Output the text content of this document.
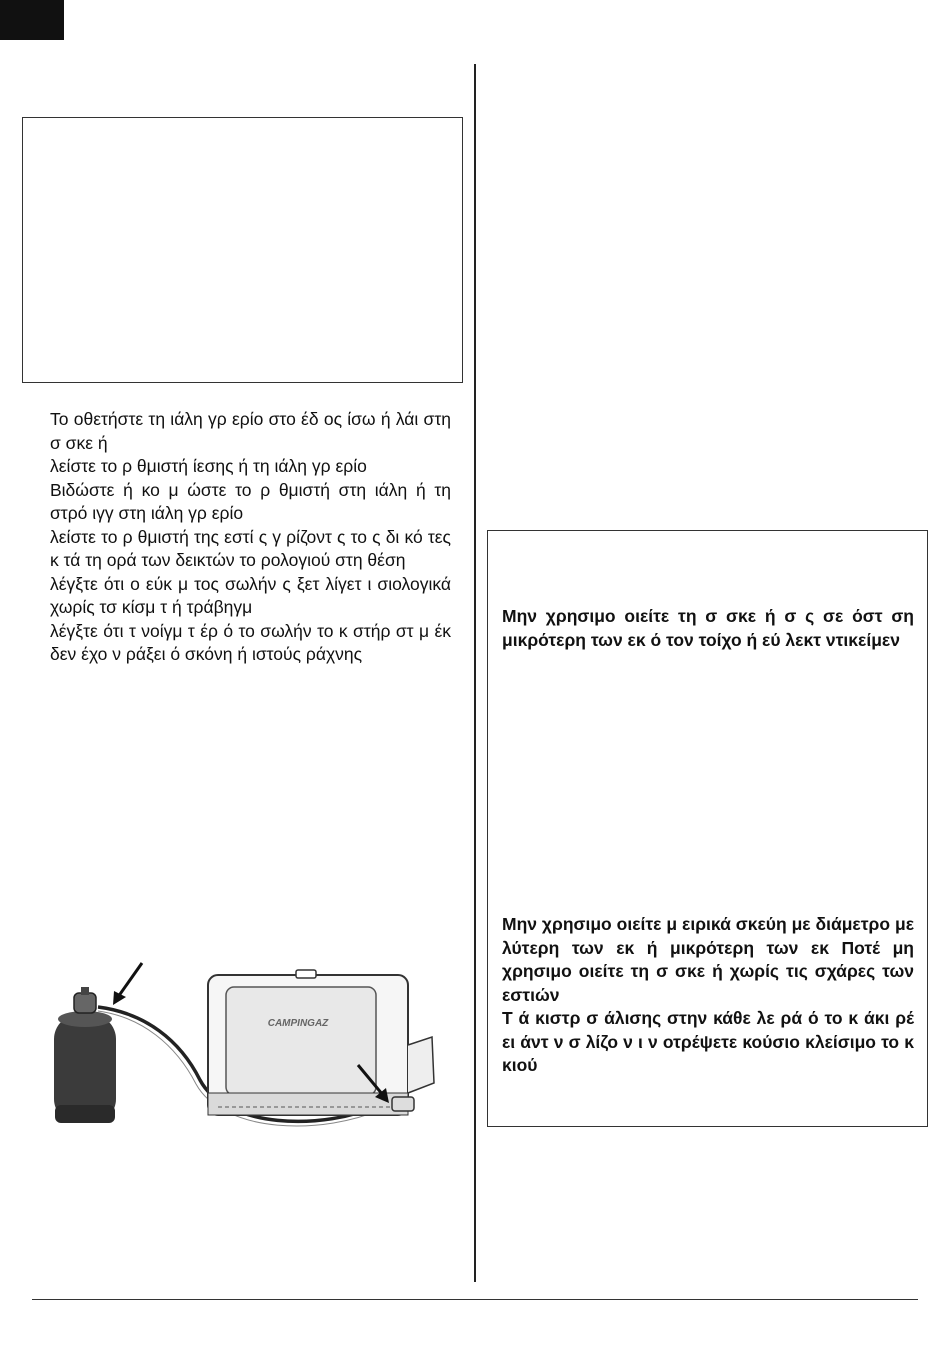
Το οθετήστε τη ιάλη γρ ερίο στο έδ ος ίσω ή λάι στη σ σκε ή

λείστε το ρ θμιστή ίεσης ή τη ιάλη γρ ερίο

Βιδώστε ή κο μ ώστε το ρ θμιστή στη ιάλη ή τη στρό ιγγ στη ιάλη γρ ερίο

λείστε το ρ θμιστή της εστί ς γ ρίζοντ ς το ς δι κό τες κ τά τη ορά των δεικτών το ρολογιού στη θέση

λέγξτε ότι ο εύκ μ τος σωλήν ς ξετ λίγετ ι σιολογικά χωρίς τσ κίσμ τ ή τράβηγμ

λέγξτε ότι τ νοίγμ τ έρ ό το σωλήν το κ στήρ στ μ έκ δεν έχο ν ράξει ό σκόνη ή ιστούς ράχνης

Μην χρησιμο οιείτε τη σ σκε ή σ ς σε όστ ση μικρότερη των εκ ό τον τοίχο ή εύ λεκτ ντικείμεν

Μην χρησιμο οιείτε μ ειρικά σκεύη με διάμετρο με λύτερη των εκ ή μικρότερη των εκ Ποτέ μη χρησιμο οιείτε τη σ σκε ή χωρίς τις σχάρες των εστιών

Τ ά κιστρ σ άλισης στην κάθε λε ρά ό το κ άκι ρέ ει άντ ν σ λίζο ν ι ν οτρέψετε κούσιο κλείσιμο το κ κιού

CAMPINGAZ
